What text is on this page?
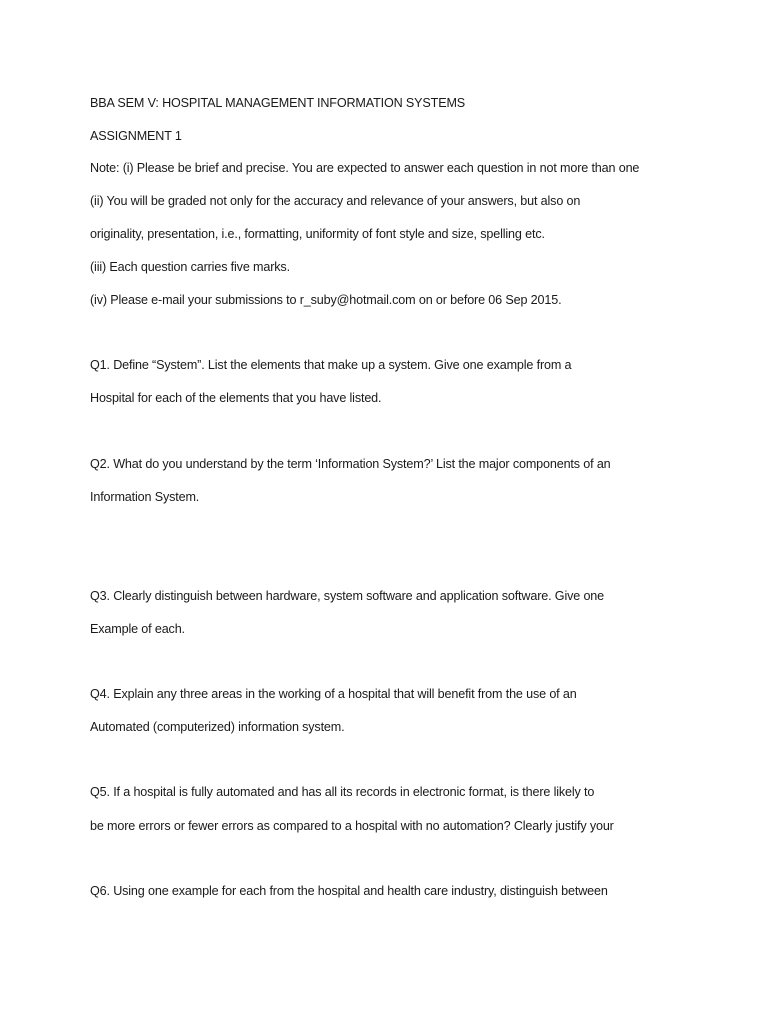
BBA SEM V: HOSPITAL MANAGEMENT INFORMATION SYSTEMS
ASSIGNMENT 1
Note: (i) Please be brief and precise. You are expected to answer each question in not more than one
(ii) You will be graded not only for the accuracy and relevance of your answers, but also on
originality, presentation, i.e., formatting, uniformity of font style and size, spelling etc.
(iii) Each question carries five marks.
(iv) Please e-mail your submissions to r_suby@hotmail.com on or before 06 Sep 2015.
Q1. Define “System”. List the elements that make up a system. Give one example from a
Hospital for each of the elements that you have listed.
Q2. What do you understand by the term ‘Information System?’ List the major components of an
Information System.
Q3. Clearly distinguish between hardware, system software and application software. Give one
Example of each.
Q4. Explain any three areas in the working of a hospital that will benefit from the use of an
Automated (computerized) information system.
Q5. If a hospital is fully automated and has all its records in electronic format, is there likely to
be more errors or fewer errors as compared to a hospital with no automation? Clearly justify your
Q6. Using one example for each from the hospital and health care industry, distinguish between
